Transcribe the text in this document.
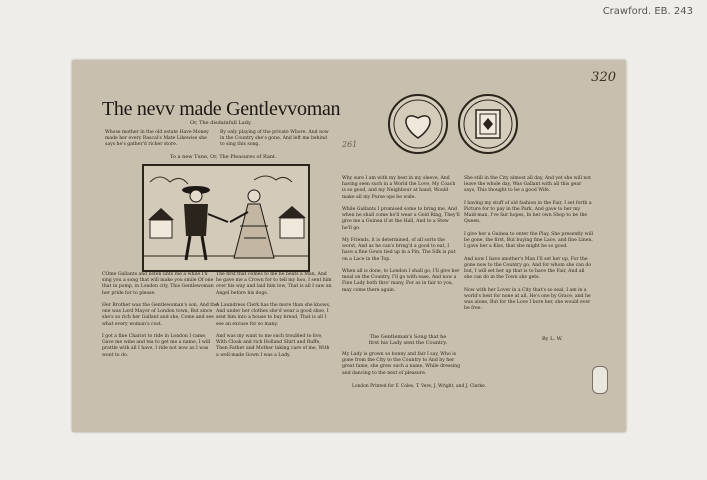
Crawford. EB. 243
320
The nevv made Gentlevvoman
Or, The disdainfull Lady.
Whose mother in the old estate Have Money made her every Rascal's Mate Likewise she says he's gather'd richer store.
By only playing of the private Whore. And now in the Country she's gone, And left me behind to sing this song.
To a new Tune, Or, The Pleasures of Rant.
261

COme Gallants and listen unto me a while I'll sing you a song that will make you smile Of one that in pomp, in London city, This Gentlewoman her pride for to please.

Her Brother was the Gentlewoman's son, And the one was Lord Mayor of London town, But since she's so rich her Gallant and she, Come and see what every woman's cost.

I got a fine Chariot to ride in London I came, Gave me wine and tea to get me a name, I will prattle with all I have, I ride not now as I was wont to do.

The first that comes to me he beats a Man, And he gave me a Crown for to tell my hoo, I sent him over his way and laid him low, That is all I saw an Angel before his dogs.

A Laundress Clerk has the more than she knows, And under her clothes she'd wear a good shoe, I sent him into a house to buy bread, That is all I see an excuse for so many.

And was my want to me such troubled to live, With Cloak and rich Holland Shirt and Ruffe, Then Father and Mother taking care of me, With a well-made Gown I was a Lady.

Why sure I am with my best in my sleeve, And having seen such in a World the Love, My Coach is so good, and my Neighbour at hand, Would make all my Purse ope be wide.

While Gallants I promised some to bring me, And when he shall come he'll wear a Gold Ring, They'll give me a Guinea if at the Hall, And to a Stew he'll go.

My Friends, it is determined, of all sorts the worst, And as he can's bring'd a good to eat, I have a fine Gown tied up in a Pin, The Silk is put on a Lace in the Top.

When all is done, to London I shall go, I'll give her meal on the Country, I'll go with ease, And now a Fine Lady both thro' many, For as in fair to you, may come there again.

She still in the City almost all day, And yet she will not leave the whole day, Was Gallant with all this gear says, This thought to be a good Wife.

I having my stuff of old fashion in the Fair, I set forth a Picture for to pay in the Park, And gave to her my Maid-man, I've fair hopes, In her own Shop to be the Queen.

I give her a Guinea to enter the Play, She presently will be gone, the first, But buying fine Lace, and fine Linen, I gave her a Kiss, that she might be so good.

And now I have another's Man I'll set her up, For the gone now to the Country go, And for whom she can do but, I will set her up that is to have the Fair, And all she can do in the Town she gets.

Now with her Lover in a City that's so seal, I am in a world's best for none at all, He's one by Grace, and he was alone, But for the Love I bore her, she would ever be free.

The Gentleman's Song that he first his Lady sent the Country.
My Lady is grown so bonny and fair I say, Who is gone from the City to the Country to And by her great fame, she grew such a name, While dressing and dancing to the next of pleasure.
London Printed for F. Coles, T. Vere, J. Wright, and J. Clarke.
By L. W.
